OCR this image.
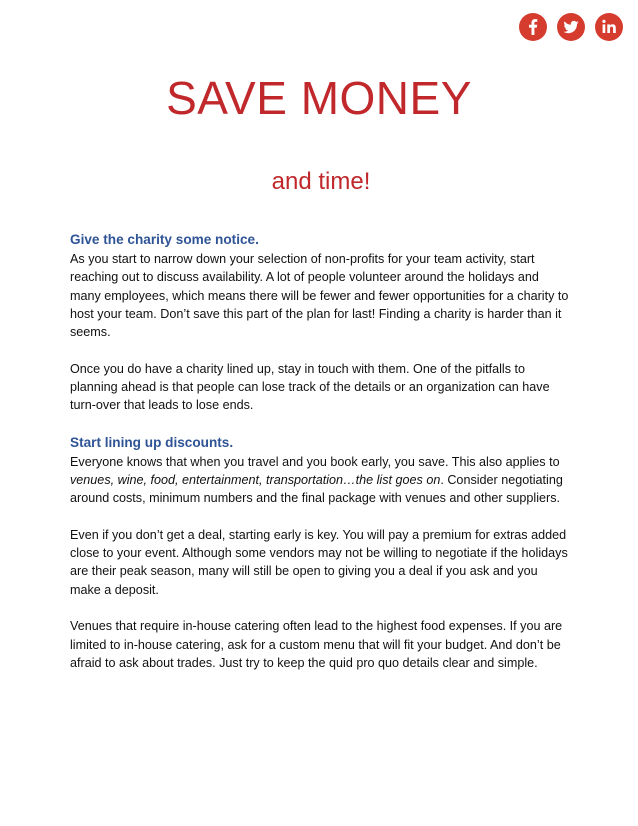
SAVE MONEY
and time!
Give the charity some notice.

As you start to narrow down your selection of non-profits for your team activity, start reaching out to discuss availability. A lot of people volunteer around the holidays and many employees, which means there will be fewer and fewer opportunities for a charity to host your team. Don’t save this part of the plan for last! Finding a charity is harder than it seems.

Once you do have a charity lined up, stay in touch with them. One of the pitfalls to planning ahead is that people can lose track of the details or an organization can have turn-over that leads to lose ends.

Start lining up discounts.

Everyone knows that when you travel and you book early, you save. This also applies to venues, wine, food, entertainment, transportation…the list goes on. Consider negotiating around costs, minimum numbers and the final package with venues and other suppliers.

Even if you don’t get a deal, starting early is key. You will pay a premium for extras added close to your event. Although some vendors may not be willing to negotiate if the holidays are their peak season, many will still be open to giving you a deal if you ask and you make a deposit.

Venues that require in-house catering often lead to the highest food expenses. If you are limited to in-house catering, ask for a custom menu that will fit your budget. And don’t be afraid to ask about trades. Just try to keep the quid pro quo details clear and simple.
